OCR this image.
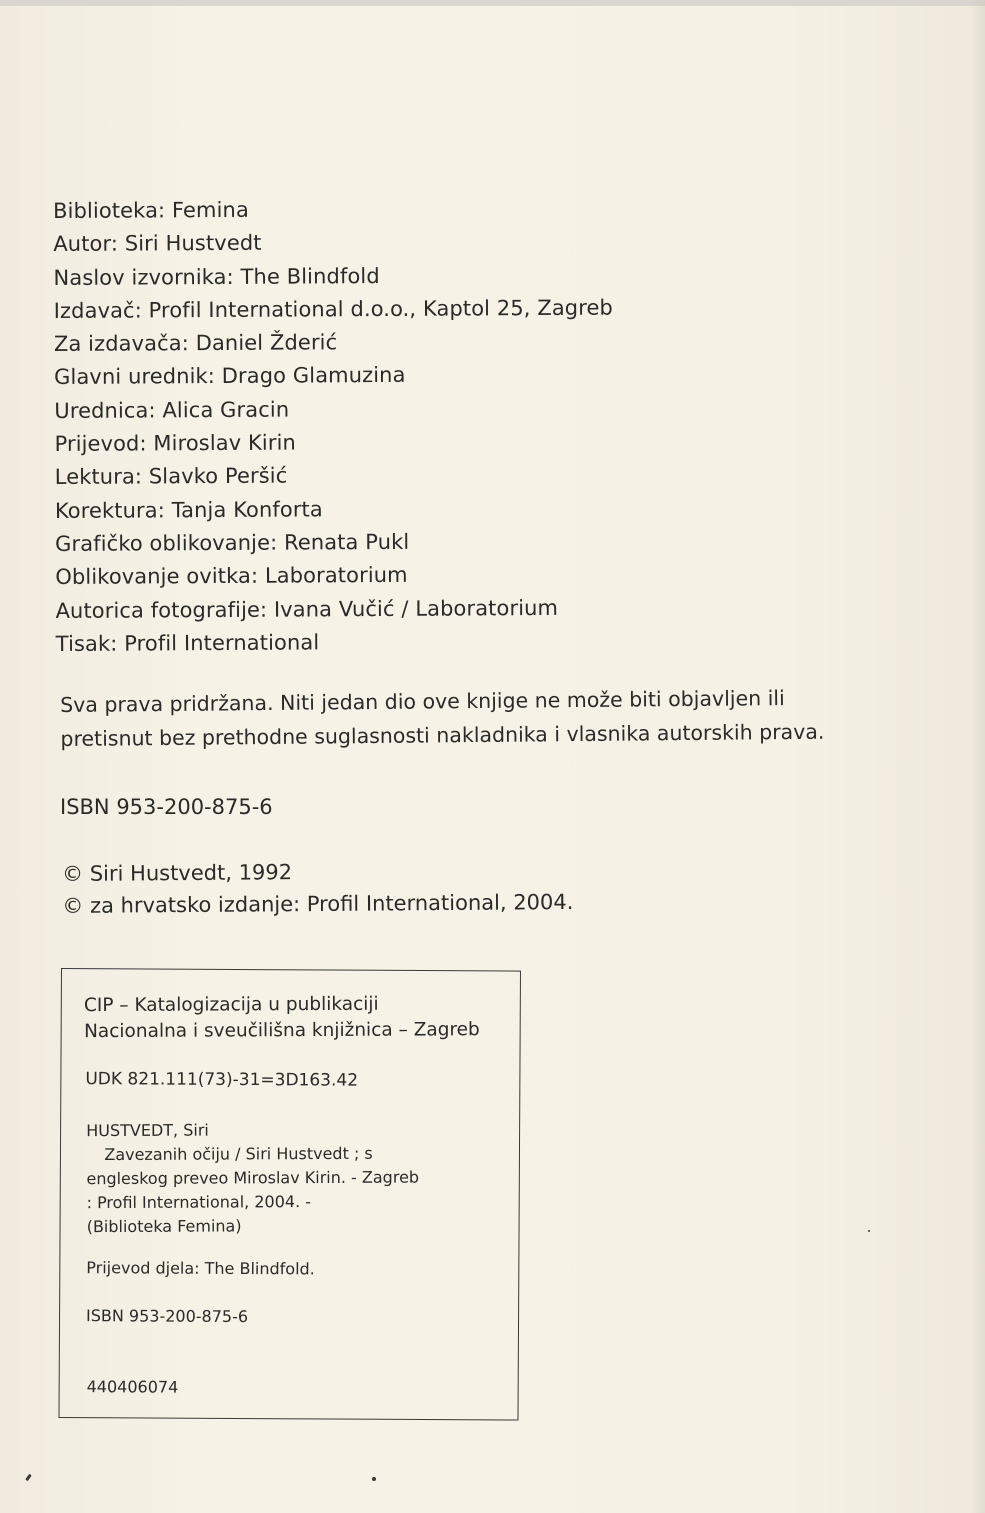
Biblioteka: Femina
Autor: Siri Hustvedt
Naslov izvornika: The Blindfold
Izdavač: Profil International d.o.o., Kaptol 25, Zagreb
Za izdavača: Daniel Žderić
Glavni urednik: Drago Glamuzina
Urednica: Alica Gracin
Prijevod: Miroslav Kirin
Lektura: Slavko Peršić
Korektura: Tanja Konforta
Grafičko oblikovanje: Renata Pukl
Oblikovanje ovitka: Laboratorium
Autorica fotografije: Ivana Vučić / Laboratorium
Tisak: Profil International
Sva prava pridržana. Niti jedan dio ove knjige ne može biti objavljen ili
pretisnut bez prethodne suglasnosti nakladnika i vlasnika autorskih prava.
ISBN 953-200-875-6
© Siri Hustvedt, 1992
© za hrvatsko izdanje: Profil International, 2004.
CIP – Katalogizacija u publikaciji
Nacionalna i sveučilišna knjižnica – Zagreb
UDK 821.111(73)-31=3D163.42
HUSTVEDT, Siri
Zavezanih očiju / Siri Hustvedt ; s
engleskog preveo Miroslav Kirin. - Zagreb
: Profil International, 2004. -
(Biblioteka Femina)
Prijevod djela: The Blindfold.
ISBN 953-200-875-6
440406074
